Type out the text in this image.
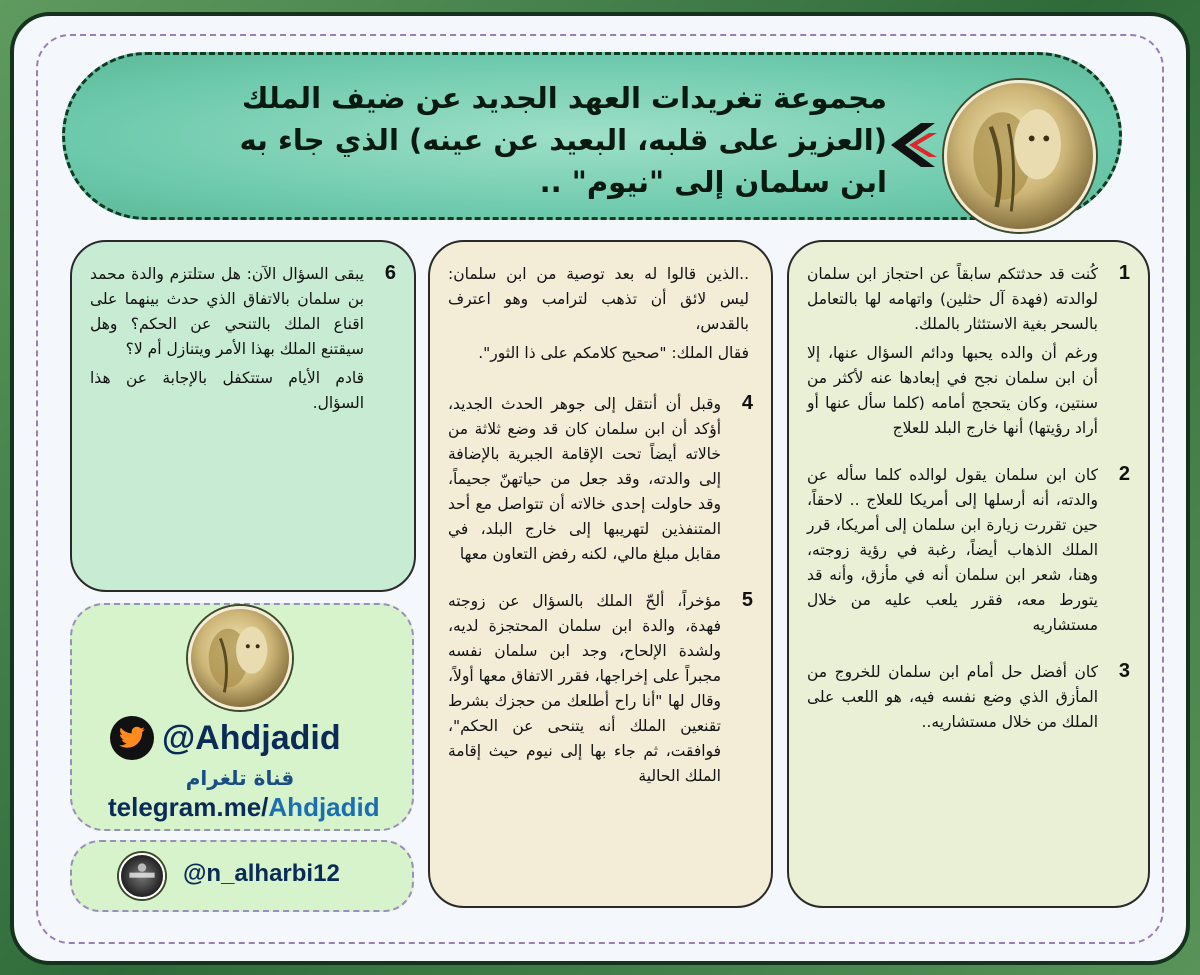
مجموعة تغريدات العهد الجديد عن ضيف الملك
(العزيز على قلبه، البعيد عن عينه) الذي جاء به
ابن سلمان إلى "نيوم" ..
1

كُنت قد حدثتكم سابقاً عن احتجاز ابن سلمان لوالدته (فهدة آل حثلين) واتهامه لها بالتعامل بالسحر بغية الاستئثار بالملك.

ورغم أن والده يحبها ودائم السؤال عنها، إلا أن ابن سلمان نجح في إبعادها عنه لأكثر من سنتين، وكان يتحجج أمامه (كلما سأل عنها أو أراد رؤيتها) أنها خارج البلد للعلاج

2

كان ابن سلمان يقول لوالده كلما سأله عن والدته، أنه أرسلها إلى أمريكا للعلاج .. لاحقاً، حين تقررت زيارة ابن سلمان إلى أمريكا، قرر الملك الذهاب أيضاً، رغبة في رؤية زوجته، وهنا، شعر ابن سلمان أنه في مأزق، وأنه قد يتورط معه، فقرر يلعب عليه من خلال مستشاريه

3

كان أفضل حل أمام ابن سلمان للخروج من المأزق الذي وضع نفسه فيه، هو اللعب على الملك من خلال مستشاريه..

..الذين قالوا له بعد توصية من ابن سلمان: ليس لائق أن تذهب لترامب وهو اعترف بالقدس،

فقال الملك: "صحيح كلامكم على ذا الثور".

4

وقبل أن أنتقل إلى جوهر الحدث الجديد، أؤكد أن ابن سلمان كان قد وضع ثلاثة من خالاته أيضاً تحت الإقامة الجبرية بالإضافة إلى والدته، وقد جعل من حياتهنّ جحيماً، وقد حاولت إحدى خالاته أن تتواصل مع أحد المتنفذين لتهريبها إلى خارج البلد، في مقابل مبلغ مالي، لكنه رفض التعاون معها

5

مؤخراً، ألحّ الملك بالسؤال عن زوجته فهدة، والدة ابن سلمان المحتجزة لديه، ولشدة الإلحاح، وجد ابن سلمان نفسه مجبراً على إخراجها، فقرر الاتفاق معها أولاً، وقال لها "أنا راح أطلعك من حجزك بشرط تقنعين الملك أنه يتنحى عن الحكم"، فوافقت، ثم جاء بها إلى نيوم حيث إقامة الملك الحالية

6

يبقى السؤال الآن: هل ستلتزم والدة محمد بن سلمان بالاتفاق الذي حدث بينهما على اقناع الملك بالتنحي عن الحكم؟ وهل سيقتنع الملك بهذا الأمر ويتنازل أم لا؟

قادم الأيام ستتكفل بالإجابة عن هذا السؤال.

@Ahdjadid
قناة تلغرام
telegram.me/Ahdjadid
@n_alharbi12
